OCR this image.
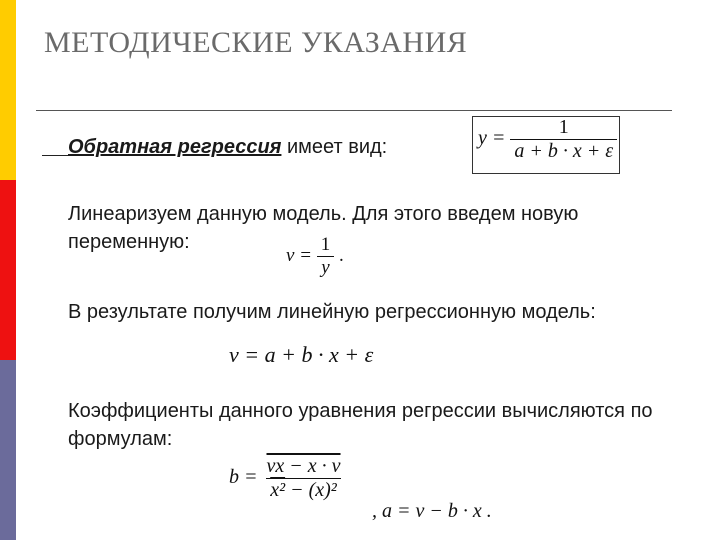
МЕТОДИЧЕСКИЕ УКАЗАНИЯ
Обратная регрессия имеет вид:	$y = \frac{1}{a + b \cdot x + \varepsilon}$
Линеаризуем данную модель. Для этого введем новую переменную:
$v = \frac{1}{y}$ .
В результате получим линейную регрессионную модель:
v = a + b · x + ε
Коэффициенты данного уравнения регрессии вычисляются по формулам:
$b = \frac{vx - x \cdot v}{\text{x² − (x)²}}$
, a = v − b · x .
